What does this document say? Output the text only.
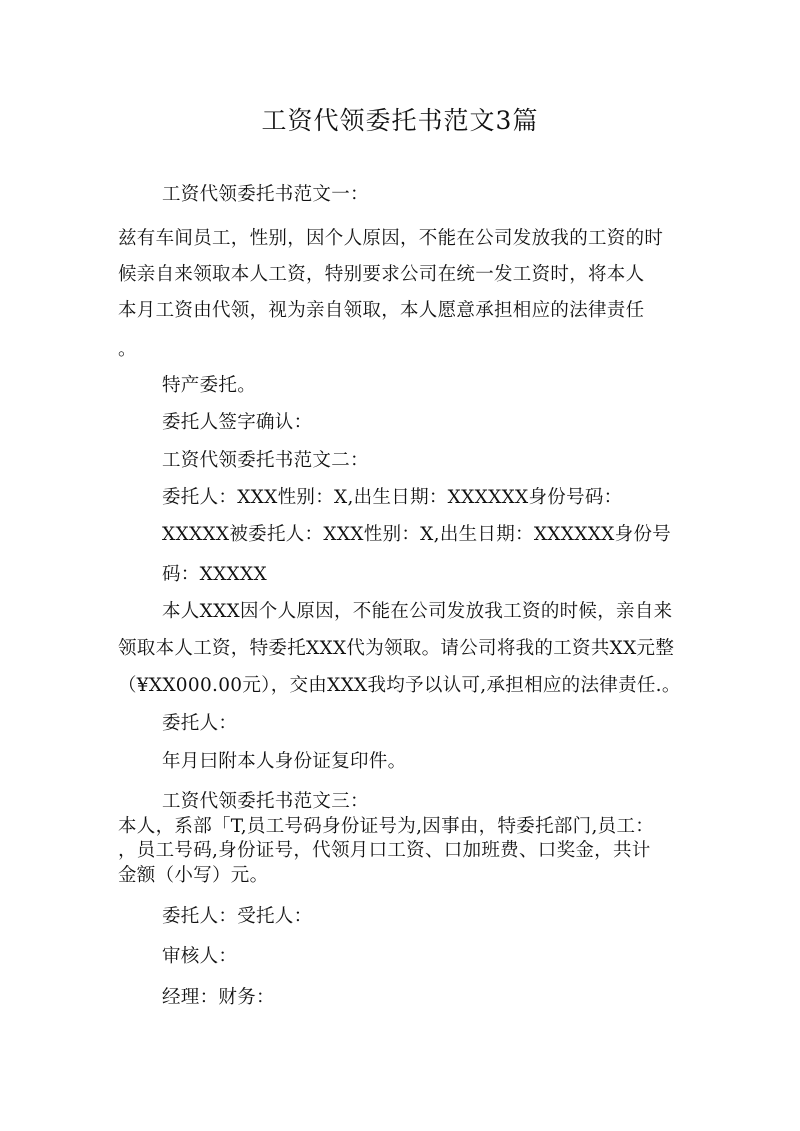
工资代领委托书范文3篇
工资代领委托书范文一：
兹有车间员工，性别，因个人原因，不能在公司发放我的工资的时
候亲自来领取本人工资，特别要求公司在统一发工资时，将本人
本月工资由代领，视为亲自领取，本人愿意承担相应的法律责任
。
特产委托。
委托人签字确认：
工资代领委托书范文二：
委托人：XXX性别：X,出生日期：XXXXXX身份号码：
XXXXX被委托人：XXX性别：X,出生日期：XXXXXX身份号
码：XXXXX
本人XXX因个人原因，不能在公司发放我工资的时候，亲自来
领取本人工资，特委托XXX代为领取。请公司将我的工资共XX元整
（¥XX000.00元），交由XXX我均予以认可,承担相应的法律责任.。
委托人：
年月曰附本人身份证复印件。
工资代领委托书范文三：
本人，系部「T,员工号码身份证号为,因事由，特委托部门,员工：
，员工号码,身份证号，代领月口工资、口加班费、口奖金，共计
金额（小写）元。
委托人：受托人：
审核人：
经理：财务：
